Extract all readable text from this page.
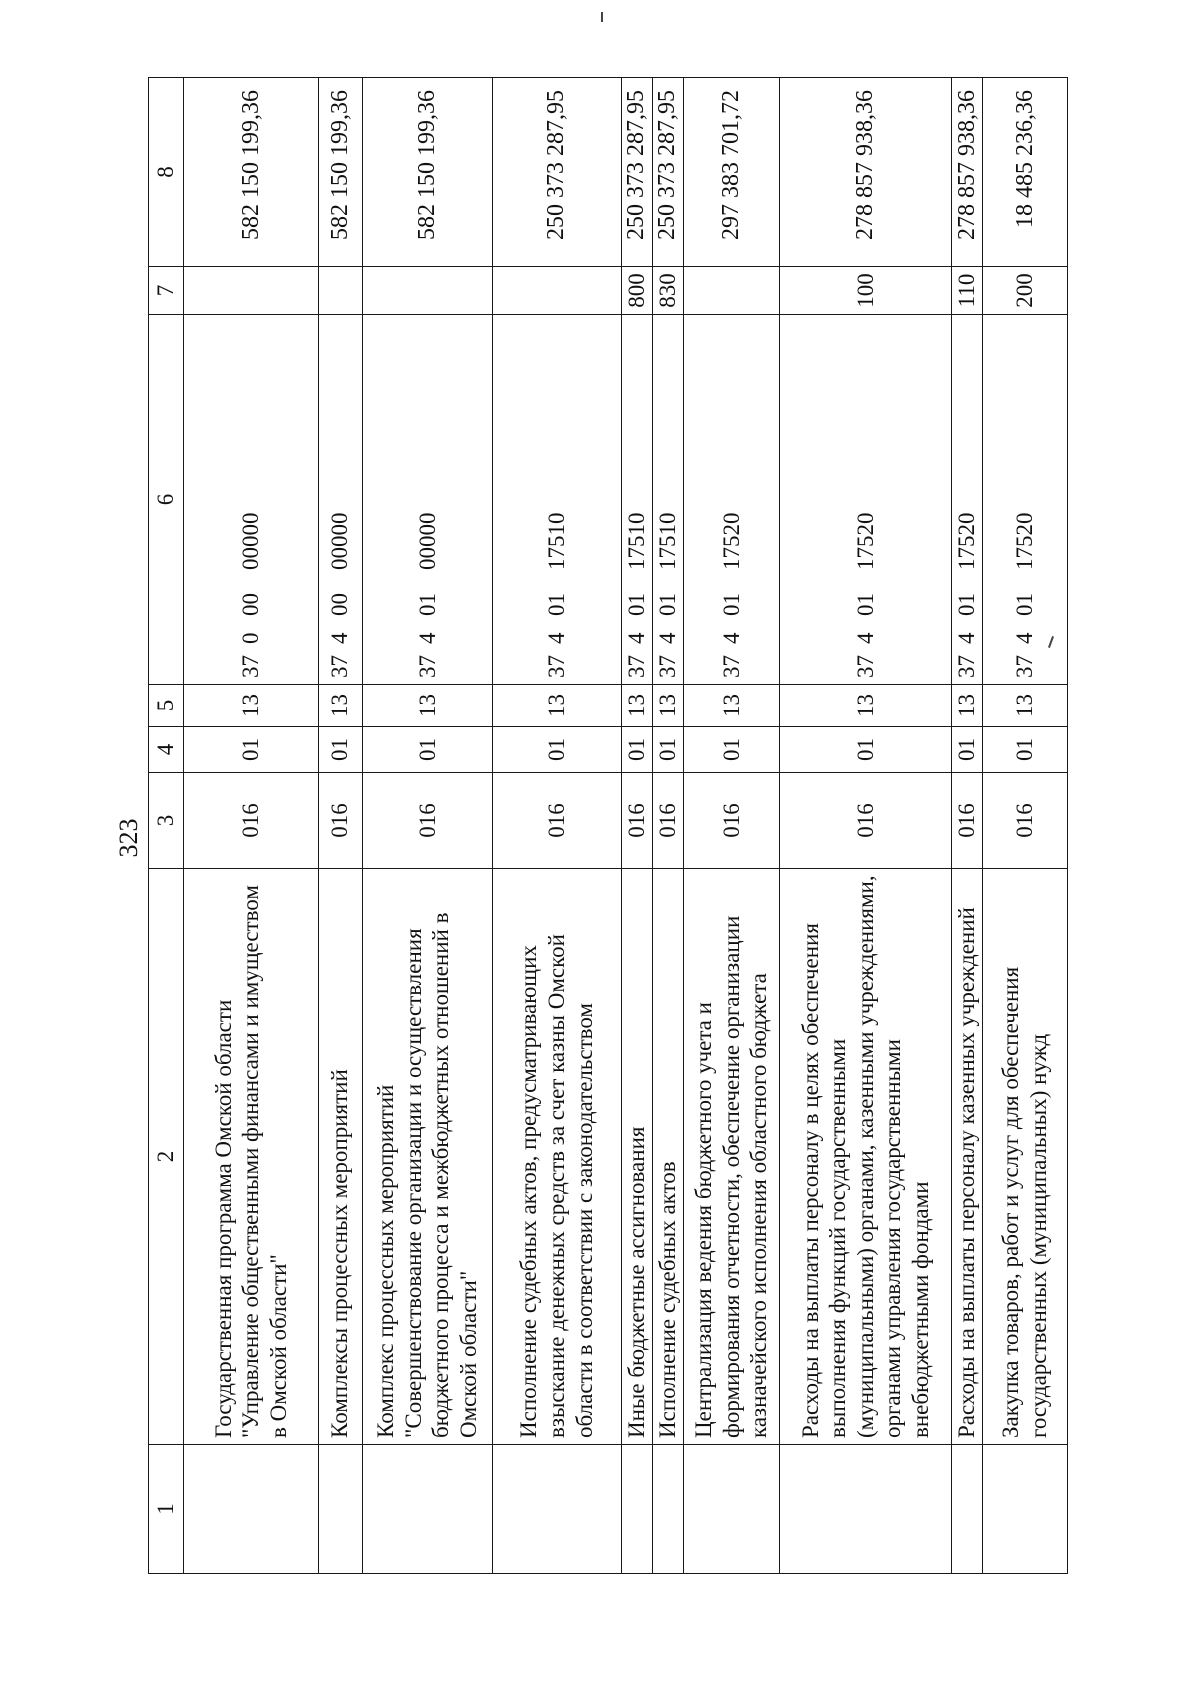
323
1	2	3	4	5	6	7	8
	Государственная программа Омской области "Управление общественными финансами и имуществом в Омской области"	016	01	13	3700000000		582 150 199,36
	Комплексы процессных мероприятий	016	01	13	3740000000		582 150 199,36
	Комплекс процессных мероприятий "Совершенствование организации и осуществления бюджетного процесса и межбюджетных отношений в Омской области"	016	01	13	3740100000		582 150 199,36
	Исполнение судебных актов, предусматривающих взыскание денежных средств за счет казны Омской области в соответствии с законодательством	016	01	13	3740117510		250 373 287,95
	Иные бюджетные ассигнования	016	01	13	3740117510	800	250 373 287,95
	Исполнение судебных актов	016	01	13	3740117510	830	250 373 287,95
	Централизация ведения бюджетного учета и формирования отчетности, обеспечение организации казначейского исполнения областного бюджета	016	01	13	3740117520		297 383 701,72
	Расходы на выплаты персоналу в целях обеспечения выполнения функций государственными (муниципальными) органами, казенными учреждениями, органами управления государственными внебюджетными фондами	016	01	13	3740117520	100	278 857 938,36
	Расходы на выплаты персоналу казенных учреждений	016	01	13	3740117520	110	278 857 938,36
	Закупка товаров, работ и услуг для обеспечения государственных (муниципальных) нужд	016	01	13	3740117520	200	18 485 236,36
